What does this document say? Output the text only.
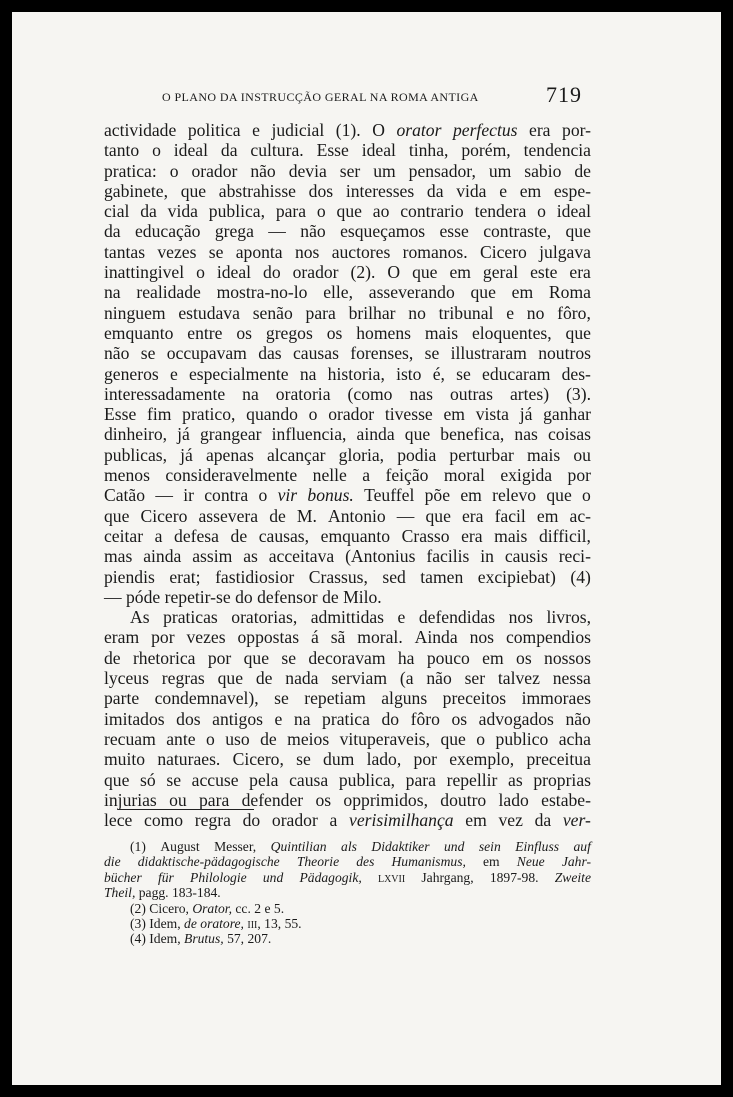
O PLANO DA INSTRUCÇÃO GERAL NA ROMA ANTIGA	719
actividade politica e judicial (1). O orator perfectus era por-
tanto o ideal da cultura. Esse ideal tinha, porém, tendencia
pratica: o orador não devia ser um pensador, um sabio de
gabinete, que abstrahisse dos interesses da vida e em espe-
cial da vida publica, para o que ao contrario tendera o ideal
da educação grega — não esqueçamos esse contraste, que
tantas vezes se aponta nos auctores romanos. Cicero julgava
inattingivel o ideal do orador (2). O que em geral este era
na realidade mostra-no-lo elle, asseverando que em Roma
ninguem estudava senão para brilhar no tribunal e no fôro,
emquanto entre os gregos os homens mais eloquentes, que
não se occupavam das causas forenses, se illustraram noutros
generos e especialmente na historia, isto é, se educaram des-
interessadamente na oratoria (como nas outras artes) (3).
Esse fim pratico, quando o orador tivesse em vista já ganhar
dinheiro, já grangear influencia, ainda que benefica, nas coisas
publicas, já apenas alcançar gloria, podia perturbar mais ou
menos consideravelmente nelle a feição moral exigida por
Catão — ir contra o vir bonus. Teuffel põe em relevo que o
que Cicero assevera de M. Antonio — que era facil em ac-
ceitar a defesa de causas, emquanto Crasso era mais difficil,
mas ainda assim as acceitava (Antonius facilis in causis reci-
piendis erat; fastidiosior Crassus, sed tamen excipiebat) (4)
— póde repetir-se do defensor de Milo.
As praticas oratorias, admittidas e defendidas nos livros,
eram por vezes oppostas á sã moral. Ainda nos compendios
de rhetorica por que se decoravam ha pouco em os nossos
lyceus regras que de nada serviam (a não ser talvez nessa
parte condemnavel), se repetiam alguns preceitos immoraes
imitados dos antigos e na pratica do fôro os advogados não
recuam ante o uso de meios vituperaveis, que o publico acha
muito naturaes. Cicero, se dum lado, por exemplo, preceitua
que só se accuse pela causa publica, para repellir as proprias
injurias ou para defender os opprimidos, doutro lado estabe-
lece como regra do orador a verisimilhança em vez da ver-
(1) August Messer, Quintilian als Didaktiker und sein Einfluss auf
die didaktische-pädagogische Theorie des Humanismus, em Neue Jahr-
bücher für Philologie und Pädagogik, lxvii Jahrgang, 1897-98. Zweite
Theil, pagg. 183-184.
(2) Cicero, Orator, cc. 2 e 5.
(3) Idem, de oratore, iii, 13, 55.
(4) Idem, Brutus, 57, 207.
